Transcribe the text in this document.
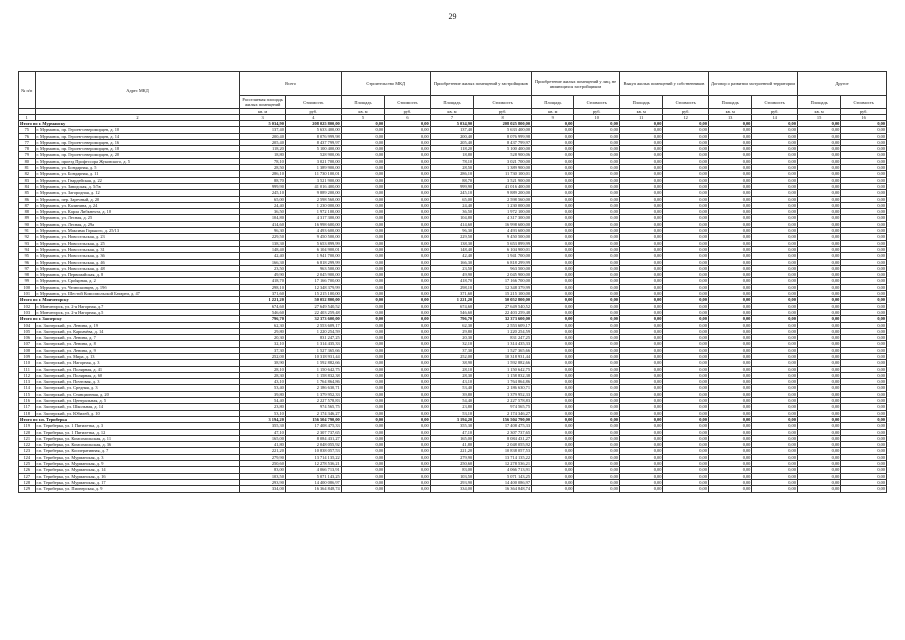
29
№ п/п	Адрес МКД	Всего		Строительство МКД		Приобретение жилых помещений у застройщиков		Приобретение жилых помещений у лиц, не являющихся застройщиком		Выкуп жилых помещений у собственников		Договор о развитии застроенной территории		Другое	
		Расселяемая площадь жилых помещений	Стоимость	Площадь	Стоимость	Площадь	Стоимость	Площадь	Стоимость	Площадь	Стоимость	Площадь	Стоимость	Площадь	Стоимость
		кв. м	руб.	кв. м	руб.	кв. м	руб.	кв. м	руб.	кв. м	руб.	кв. м	руб.	кв. м	руб.
1	2	3	4	5	6	7	8	9	10	11	12	13	14	15	16
Итого по г. Мурманску		5 034,90	208 025 800,00	0,00	0,00	5 034,90	208 025 800,00	0,00	0,00	0,00	0,00	0,00	0,00	0,00	0,00
75	г. Мурманск, пр. Героев-североморцев, д. 10	137,40	5 633 400,00	0,00	0,00	137,40	5 633 400,00	0,00	0,00	0,00	0,00	0,00	0,00	0,00	0,00
76	г. Мурманск, пр. Героев-североморцев, д. 14	200,40	8 076 999,98	0,00	0,00	200,40	8 076 999,98	0,00	0,00	0,00	0,00	0,00	0,00	0,00	0,00
77	г. Мурманск, пр. Героев-североморцев, д. 16	205,40	8 437 799,97	0,00	0,00	205,40	8 437 799,97	0,00	0,00	0,00	0,00	0,00	0,00	0,00	0,00
78	г. Мурманск, пр. Героев-североморцев, д. 18	118,20	5 100 400,00	0,00	0,00	118,20	5 100 400,00	0,00	0,00	0,00	0,00	0,00	0,00	0,00	0,00
79	г. Мурманск, пр. Героев-североморцев, д. 20	18,80	528 900,06	0,00	0,00	18,80	528 900,06	0,00	0,00	0,00	0,00	0,00	0,00	0,00	0,00
80	г. Мурманск, проезд Профессора Жуковского, д. 5	78,10	3 021 700,00	0,00	0,00	78,10	3 021 700,00	0,00	0,00	0,00	0,00	0,00	0,00	0,00	0,00
81	г. Мурманск, ул. Бондарная, д. 5	28,50	1 389 900,00	0,00	0,00	28,50	1 389 900,00	0,00	0,00	0,00	0,00	0,00	0,00	0,00	0,00
82	г. Мурманск, ул. Бондарная, д. 11	286,10	11 730 100,01	0,00	0,00	286,10	11 730 100,01	0,00	0,00	0,00	0,00	0,00	0,00	0,00	0,00
83	г. Мурманск, ул. Гвардейская, д. 22	88,70	3 521 900,00	0,00	0,00	88,70	3 521 900,00	0,00	0,00	0,00	0,00	0,00	0,00	0,00	0,00
84	г. Мурманск, ул. Заводская, д. 5/5в	999,90	41 016 400,00	0,00	0,00	999,90	41 016 400,00	0,00	0,00	0,00	0,00	0,00	0,00	0,00	0,00
85	г. Мурманск, ул. Загородная, д. 12	245,10	9 889 200,00	0,00	0,00	245,10	9 889 200,00	0,00	0,00	0,00	0,00	0,00	0,00	0,00	0,00
86	г. Мурманск, пер. Заречный, д. 20	65,00	2 598 560,00	0,00	0,00	65,00	2 598 560,00	0,00	0,00	0,00	0,00	0,00	0,00	0,00	0,00
87	г. Мурманск, ул. Калинина, д. 24	24,40	1 230 000,00	0,00	0,00	24,40	1 230 000,00	0,00	0,00	0,00	0,00	0,00	0,00	0,00	0,00
88	г. Мурманск, ул. Карла Либкнехта, д. 10	36,50	1 972 100,00	0,00	0,00	36,50	1 972 100,00	0,00	0,00	0,00	0,00	0,00	0,00	0,00	0,00
89	г. Мурманск, ул. Лесная, д. 25	104,80	4 317 300,00	0,00	0,00	104,80	4 317 300,00	0,00	0,00	0,00	0,00	0,00	0,00	0,00	0,00
90	г. Мурманск, ул. Лесная, д. 29а	414,60	16 998 600,00	0,00	0,00	414,60	16 998 600,00	0,00	0,00	0,00	0,00	0,00	0,00	0,00	0,00
91	г. Мурманск, ул. Максима Горького, д. 25/13	96,30	4 493 600,00	0,00	0,00	96,30	4 493 600,00	0,00	0,00	0,00	0,00	0,00	0,00	0,00	0,00
92	г. Мурманск, ул. Новосельская, д. 23	229,50	9 450 500,00	0,00	0,00	229,50	9 450 500,00	0,00	0,00	0,00	0,00	0,00	0,00	0,00	0,00
93	г. Мурманск, ул. Новосельская, д. 25	138,30	5 653 899,99	0,00	0,00	138,30	5 653 899,99	0,00	0,00	0,00	0,00	0,00	0,00	0,00	0,00
94	г. Мурманск, ул. Новосельская, д. 31	148,40	6 104 900,01	0,00	0,00	148,40	6 104 900,01	0,00	0,00	0,00	0,00	0,00	0,00	0,00	0,00
95	г. Мурманск, ул. Новосельская, д. 36	42,40	1 941 700,00	0,00	0,00	42,40	1 941 700,00	0,00	0,00	0,00	0,00	0,00	0,00	0,00	0,00
96	г. Мурманск, ул. Новосельская, д. 46	166,30	6 818 299,99	0,00	0,00	166,30	6 818 299,99	0,00	0,00	0,00	0,00	0,00	0,00	0,00	0,00
97	г. Мурманск, ул. Новосельская, д. 48	23,50	963 500,00	0,00	0,00	23,50	963 500,00	0,00	0,00	0,00	0,00	0,00	0,00	0,00	0,00
98	г. Мурманск, ул. Первомайская, д. 8	49,90	2 045 900,00	0,00	0,00	49,90	2 045 900,00	0,00	0,00	0,00	0,00	0,00	0,00	0,00	0,00
99	г. Мурманск, ул. Сpolярная, д. 2	418,70	17 166 700,00	0,00	0,00	418,70	17 166 700,00	0,00	0,00	0,00	0,00	0,00	0,00	0,00	0,00
100	г. Мурманск, ул. Челюскинцев, д. 19б	298,10	12 348 379,99	0,00	0,00	298,10	12 348 379,99	0,00	0,00	0,00	0,00	0,00	0,00	0,00	0,00
101	г. Мурманск, ул. Шестой Комсомольской Батареи, д. 47	371,60	15 215 100,00	0,00	0,00	371,60	15 215 100,00	0,00	0,00	0,00	0,00	0,00	0,00	0,00	0,00
Итого по г. Мончегорску		1 221,20	50 052 800,00	0,00	0,00	1 221,20	50 052 800,00	0,00	0,00	0,00	0,00	0,00	0,00	0,00	0,00
102	г. Мончегорск, ул. 2-я Нагорная, д.7	674,60	27 649 540,52	0,00	0,00	674,60	27 649 540,52	0,00	0,00	0,00	0,00	0,00	0,00	0,00	0,00
103	г. Мончегорск, ул. 2-я Нагорная, д.5	546,60	22 403 259,48	0,00	0,00	546,60	22 403 259,48	0,00	0,00	0,00	0,00	0,00	0,00	0,00	0,00
Итого по г. Заозерску		796,70	32 373 600,00	0,00	0,00	796,70	32 373 600,00	0,00	0,00	0,00	0,00	0,00	0,00	0,00	0,00
104	г.п. Заозерский, ул. Ленина, д. 19	62,30	2 553 609,17	0,00	0,00	62,30	2 553 609,17	0,00	0,00	0,00	0,00	0,00	0,00	0,00	0,00
105	г.п. Заозерский, ул. Карпачёва, д. 14	29,80	1 220 254,59	0,00	0,00	29,80	1 220 254,59	0,00	0,00	0,00	0,00	0,00	0,00	0,00	0,00
106	г.п. Заозерский, ул. Ленина, д. 7	20,30	831 247,25	0,00	0,00	20,30	831 247,25	0,00	0,00	0,00	0,00	0,00	0,00	0,00	0,00
107	г.п. Заозерский, ул. Ленина, д. 8	32,10	1 314 435,33	0,00	0,00	32,10	1 314 435,33	0,00	0,00	0,00	0,00	0,00	0,00	0,00	0,00
108	г.п. Заозерский, ул. Ленина, д. 9	37,30	1 527 365,66	0,00	0,00	37,30	1 527 365,66	0,00	0,00	0,00	0,00	0,00	0,00	0,00	0,00
109	г.п. Заозерский, ул. Мира, д. 13	252,00	10 318 931,44	0,00	0,00	252,00	10 318 931,44	0,00	0,00	0,00	0,00	0,00	0,00	0,00	0,00
110	г.п. Заозерский, ул. Нагорная, д. 3	38,90	1 592 882,66	0,00	0,00	38,90	1 592 882,66	0,00	0,00	0,00	0,00	0,00	0,00	0,00	0,00
111	г.п. Заозерский, ул. Полярная, д. 41	28,10	1 150 642,75	0,00	0,00	28,10	1 150 642,75	0,00	0,00	0,00	0,00	0,00	0,00	0,00	0,00
112	г.п. Заозерский, ул. Полярная, д. 60	28,30	1 158 832,38	0,00	0,00	28,30	1 158 832,38	0,00	0,00	0,00	0,00	0,00	0,00	0,00	0,00
113	г.п. Заозерский, ул. Почтовая, д. 3	43,10	1 764 864,86	0,00	0,00	43,10	1 764 864,86	0,00	0,00	0,00	0,00	0,00	0,00	0,00	0,00
114	г.п. Заозерский, ул. Средняя, д. 3	53,40	2 186 630,71	0,00	0,00	53,40	2 186 630,71	0,00	0,00	0,00	0,00	0,00	0,00	0,00	0,00
115	г.п. Заозерский, ул. Станционная, д. 20	39,80	1 379 952,33	0,00	0,00	39,80	1 379 952,33	0,00	0,00	0,00	0,00	0,00	0,00	0,00	0,00
116	г.п. Заозерский, ул. Центральная, д. 5	54,40	2 227 578,83	0,00	0,00	54,40	2 227 578,83	0,00	0,00	0,00	0,00	0,00	0,00	0,00	0,00
117	г.п. Заозерский, ул. Школьная, д. 14	23,80	974 565,75	0,00	0,00	23,80	974 565,75	0,00	0,00	0,00	0,00	0,00	0,00	0,00	0,00
118	г.п. Заозерский, ул. Юбилей, д. 10	53,10	2 174 346,27	0,00	0,00	53,10	2 174 346,27	0,00	0,00	0,00	0,00	0,00	0,00	0,00	0,00
Итого по г.п. Териберка		3 194,20	156 504 790,00	0,00	0,00	3 194,20	156 504 790,00	0,00	0,00	0,00	0,00	0,00	0,00	0,00	0,00
119	г.п. Териберка, ул. 1 Пятилетка, д. 3	355,30	17 408 475,33	0,00	0,00	355,30	17 408 475,33	0,00	0,00	0,00	0,00	0,00	0,00	0,00	0,00
120	г.п. Териберка, ул. 1 Пятилетка, д. 12	47,10	2 307 737,65	0,00	0,00	47,10	2 307 737,65	0,00	0,00	0,00	0,00	0,00	0,00	0,00	0,00
121	г.п. Териберка, ул. Комсомольская, д. 11	165,00	8 084 431,27	0,00	0,00	165,00	8 084 431,27	0,00	0,00	0,00	0,00	0,00	0,00	0,00	0,00
122	г.п. Териберка, ул. Комсомольская, д. 36	41,80	2 048 055,92	0,00	0,00	41,80	2 048 055,92	0,00	0,00	0,00	0,00	0,00	0,00	0,00	0,00
123	г.п. Териберка, ул. Кооперативная, д. 7	221,20	10 838 057,53	0,00	0,00	221,20	10 838 057,53	0,00	0,00	0,00	0,00	0,00	0,00	0,00	0,00
124	г.п. Териберка, ул. Мурманская, д. 3	279,90	13 714 135,22	0,00	0,00	279,90	13 714 135,22	0,00	0,00	0,00	0,00	0,00	0,00	0,00	0,00
125	г.п. Териберка, ул. Мурманская, д. 9	250,60	12 278 536,21	0,00	0,00	250,60	12 278 536,21	0,00	0,00	0,00	0,00	0,00	0,00	0,00	0,00
126	г.п. Териберка, ул. Мурманская, д. 14	83,00	4 066 713,91	0,00	0,00	83,00	4 066 713,91	0,00	0,00	0,00	0,00	0,00	0,00	0,00	0,00
127	г.п. Териберка, ул. Мурманская, д. 16	103,50	5 071 143,25	0,00	0,00	103,50	5 071 143,25	0,00	0,00	0,00	0,00	0,00	0,00	0,00	0,00
128	г.п. Териберка, ул. Мурманская, д. 17	293,90	14 400 086,97	0,00	0,00	293,90	14 400 086,97	0,00	0,00	0,00	0,00	0,00	0,00	0,00	0,00
129	г.п. Териберка, ул. Пионерская, д. 9	334,00	16 364 848,74	0,00	0,00	334,00	16 364 848,74	0,00	0,00	0,00	0,00	0,00	0,00	0,00	0,00
